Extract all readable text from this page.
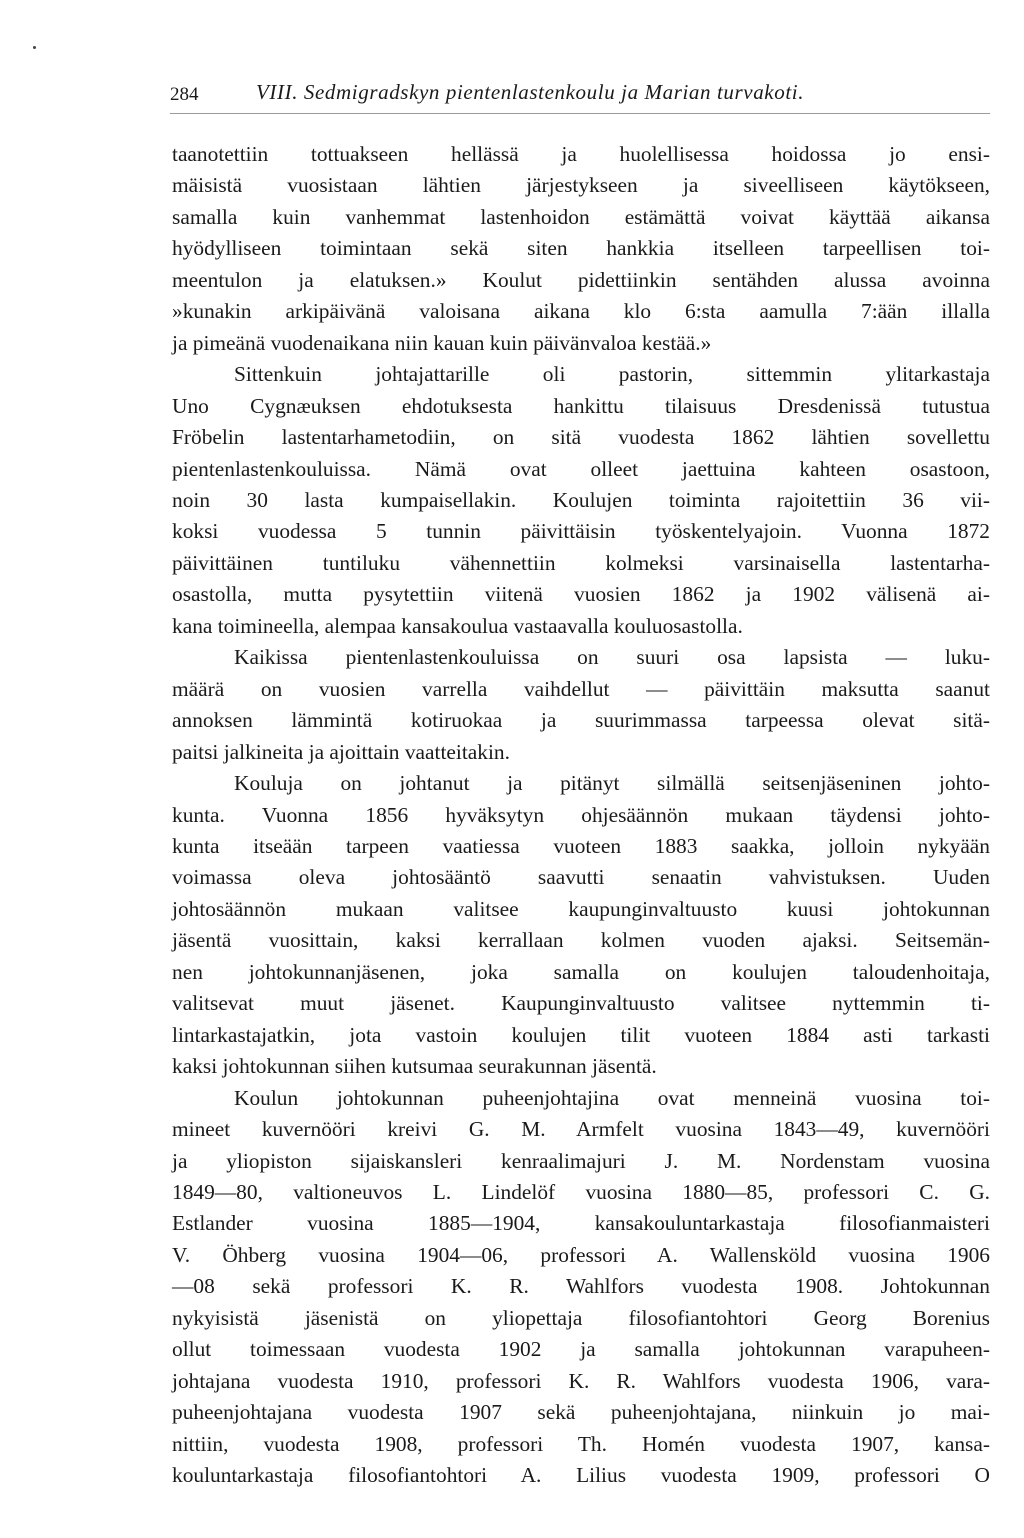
284	VIII. Sedmigradskyn pientenlastenkoulu ja Marian turvakoti.
taanotettiin tottuakseen hellässä ja huolellisessa hoidossa jo ensi-
mäisistä vuosistaan lähtien järjestykseen ja siveelliseen käytökseen,
samalla kuin vanhemmat lastenhoidon estämättä voivat käyttää aikansa
hyödylliseen toimintaan sekä siten hankkia itselleen tarpeellisen toi-
meentulon ja elatuksen.» Koulut pidettiinkin sentähden alussa avoinna
»kunakin arkipäivänä valoisana aikana klo 6:sta aamulla 7:ään illalla
ja pimeänä vuodenaikana niin kauan kuin päivänvaloa kestää.»
Sittenkuin johtajattarille oli pastorin, sittemmin ylitarkastaja
Uno Cygnæuksen ehdotuksesta hankittu tilaisuus Dresdenissä tutustua
Fröbelin lastentarhametodiin, on sitä vuodesta 1862 lähtien sovellettu
pientenlastenkouluissa. Nämä ovat olleet jaettuina kahteen osastoon,
noin 30 lasta kumpaisellakin. Koulujen toiminta rajoitettiin 36 vii-
koksi vuodessa 5 tunnin päivittäisin työskentelyajoin. Vuonna 1872
päivittäinen tuntiluku vähennettiin kolmeksi varsinaisella lastentarha-
osastolla, mutta pysytettiin viitenä vuosien 1862 ja 1902 välisenä ai-
kana toimineella, alempaa kansakoulua vastaavalla kouluosastolla.
Kaikissa pientenlastenkouluissa on suuri osa lapsista — luku-
määrä on vuosien varrella vaihdellut — päivittäin maksutta saanut
annoksen lämmintä kotiruokaa ja suurimmassa tarpeessa olevat sitä-
paitsi jalkineita ja ajoittain vaatteitakin.
Kouluja on johtanut ja pitänyt silmällä seitsenjäseninen johto-
kunta. Vuonna 1856 hyväksytyn ohjesäännön mukaan täydensi johto-
kunta itseään tarpeen vaatiessa vuoteen 1883 saakka, jolloin nykyään
voimassa oleva johtosääntö saavutti senaatin vahvistuksen. Uuden
johtosäännön mukaan valitsee kaupunginvaltuusto kuusi johtokunnan
jäsentä vuosittain, kaksi kerrallaan kolmen vuoden ajaksi. Seitsemän-
nen johtokunnanjäsenen, joka samalla on koulujen taloudenhoitaja,
valitsevat muut jäsenet. Kaupunginvaltuusto valitsee nyttemmin ti-
lintarkastajatkin, jota vastoin koulujen tilit vuoteen 1884 asti tarkasti
kaksi johtokunnan siihen kutsumaa seurakunnan jäsentä.
Koulun johtokunnan puheenjohtajina ovat menneinä vuosina toi-
mineet kuvernööri kreivi G. M. Armfelt vuosina 1843—49, kuvernööri
ja yliopiston sijaiskansleri kenraalimajuri J. M. Nordenstam vuosina
1849—80, valtioneuvos L. Lindelöf vuosina 1880—85, professori C. G.
Estlander vuosina 1885—1904, kansakouluntarkastaja filosofianmaisteri
V. Öhberg vuosina 1904—06, professori A. Wallensköld vuosina 1906
—08 sekä professori K. R. Wahlfors vuodesta 1908. Johtokunnan
nykyisistä jäsenistä on yliopettaja filosofiantohtori Georg Borenius
ollut toimessaan vuodesta 1902 ja samalla johtokunnan varapuheen-
johtajana vuodesta 1910, professori K. R. Wahlfors vuodesta 1906, vara-
puheenjohtajana vuodesta 1907 sekä puheenjohtajana, niinkuin jo mai-
nittiin, vuodesta 1908, professori Th. Homén vuodesta 1907, kansa-
kouluntarkastaja filosofiantohtori A. Lilius vuodesta 1909, professori O
